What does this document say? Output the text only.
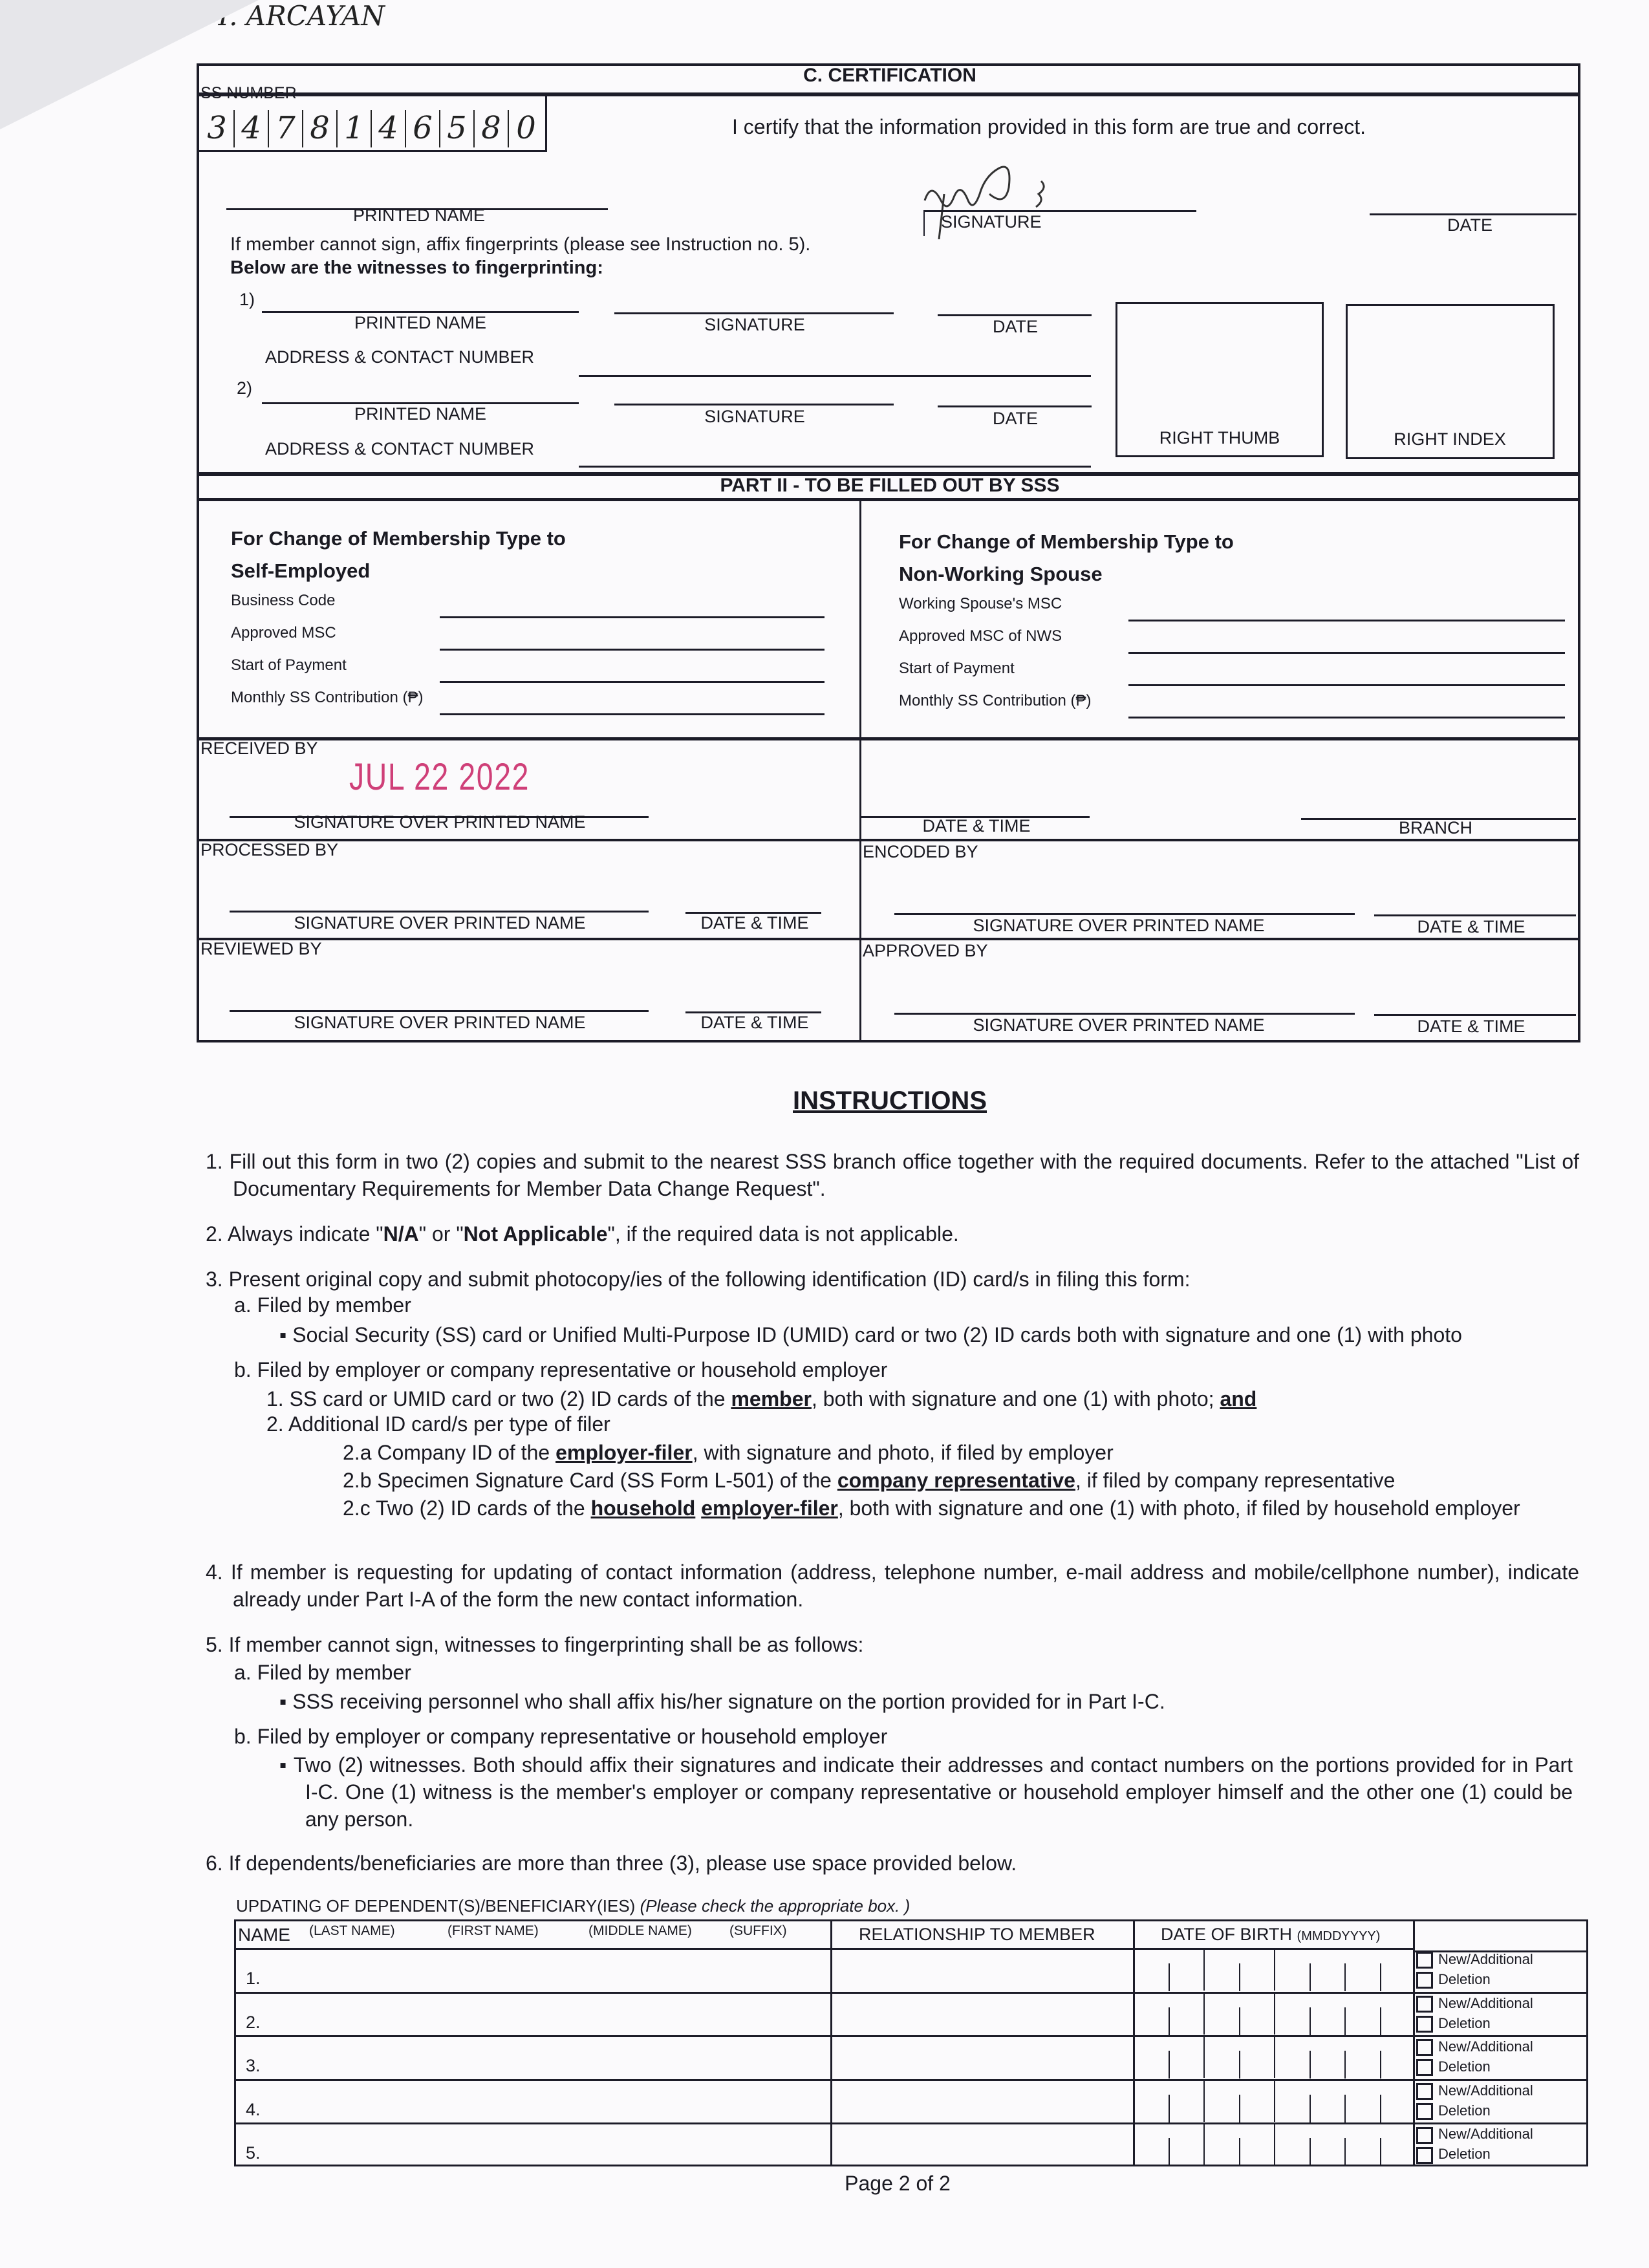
C. CERTIFICATION
SS NUMBER
3 4 7 8 1 4 6 5 8 0	I certify that the information provided in this form are true and correct.
ELAINE JADE M. ARCAYAN
PRINTED NAME	SIGNATURE
07/22/2022
DATE
If member cannot sign, affix fingerprints (please see Instruction no. 5).
Below are the witnesses to fingerprinting:
1)
PRINTED NAME	SIGNATURE	DATE
ADDRESS & CONTACT NUMBER
2)
PRINTED NAME	SIGNATURE	DATE
ADDRESS & CONTACT NUMBER
RIGHT THUMB	RIGHT INDEX
PART II - TO BE FILLED OUT BY SSS
For Change of Membership Type to
Self-Employed
Business Code
Approved MSC
Start of Payment
Monthly SS Contribution (₱)
For Change of Membership Type to
Non-Working Spouse
Working Spouse's MSC
Approved MSC of NWS
Start of Payment
Monthly SS Contribution (₱)
RECEIVED BY
JUL 22 2022
SIGNATURE OVER PRINTED NAME	DATE & TIME	BRANCH
PROCESSED BY
SIGNATURE OVER PRINTED NAME	DATE & TIME
ENCODED BY
SIGNATURE OVER PRINTED NAME	DATE & TIME
REVIEWED BY
SIGNATURE OVER PRINTED NAME	DATE & TIME
APPROVED BY
SIGNATURE OVER PRINTED NAME	DATE & TIME
INSTRUCTIONS
1. Fill out this form in two (2) copies and submit to the nearest SSS branch office together with the required documents. Refer to the attached "List of Documentary Requirements for Member Data Change Request".
2. Always indicate "N/A" or "Not Applicable", if the required data is not applicable.
3. Present original copy and submit photocopy/ies of the following identification (ID) card/s in filing this form:
a. Filed by member
▪ Social Security (SS) card or Unified Multi-Purpose ID (UMID) card or two (2) ID cards both with signature and one (1) with photo
b. Filed by employer or company representative or household employer
1. SS card or UMID card or two (2) ID cards of the member, both with signature and one (1) with photo; and
2. Additional ID card/s per type of filer
2.a Company ID of the employer-filer, with signature and photo, if filed by employer
2.b Specimen Signature Card (SS Form L-501) of the company representative, if filed by company representative
2.c Two (2) ID cards of the household employer-filer, both with signature and one (1) with photo, if filed by household employer
4. If member is requesting for updating of contact information (address, telephone number, e-mail address and mobile/cellphone number), indicate already under Part I-A of the form the new contact information.
5. If member cannot sign, witnesses to fingerprinting shall be as follows:
a. Filed by member
▪ SSS receiving personnel who shall affix his/her signature on the portion provided for in Part I-C.
b. Filed by employer or company representative or household employer
▪ Two (2) witnesses. Both should affix their signatures and indicate their addresses and contact numbers on the portions provided for in Part I-C. One (1) witness is the member's employer or company representative or household employer himself and the other one (1) could be any person.
6. If dependents/beneficiaries are more than three (3), please use space provided below.
UPDATING OF DEPENDENT(S)/BENEFICIARY(IES) (Please check the appropriate box. )
NAME (LAST NAME)	(FIRST NAME)	(MIDDLE NAME)	(SUFFIX)	RELATIONSHIP TO MEMBER	DATE OF BIRTH (MMDDYYYY)
1.
New/Additional
Deletion
2.
New/Additional
Deletion
3.
New/Additional
Deletion
4.
New/Additional
Deletion
5.
New/Additional
Deletion
Page 2 of 2
